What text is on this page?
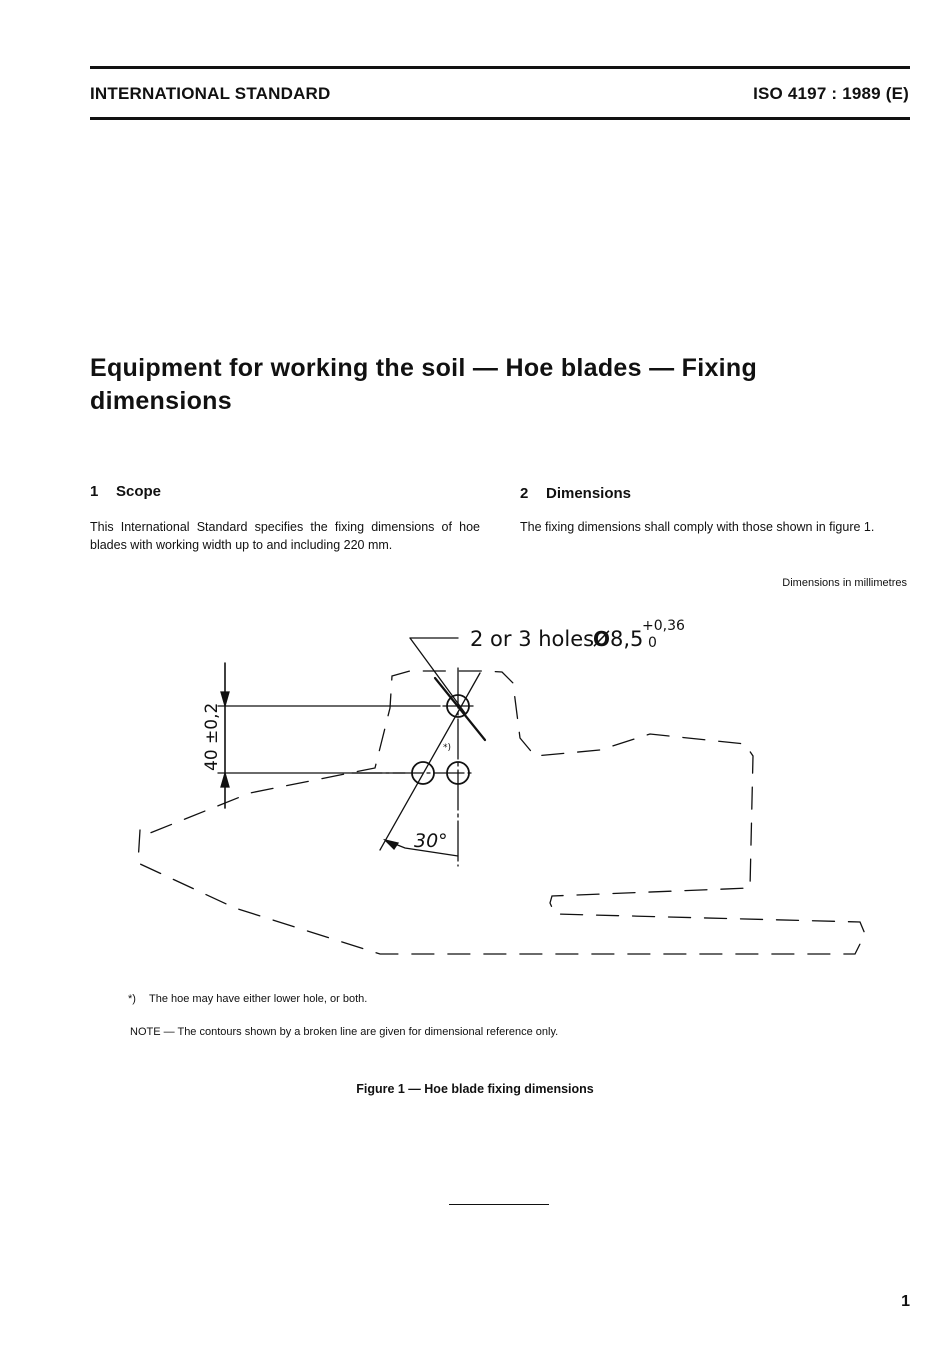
INTERNATIONAL STANDARD	ISO 4197 : 1989 (E)
Equipment for working the soil — Hoe blades — Fixing dimensions
1 Scope
This International Standard specifies the fixing dimensions of hoe blades with working width up to and including 220 mm.
2 Dimensions
The fixing dimensions shall comply with those shown in figure 1.
Dimensions in millimetres
2 or 3 holes
Ø 8,5
+0,36
0
40 ±0,2
30°
*)
*) The hoe may have either lower hole, or both.
NOTE — The contours shown by a broken line are given for dimensional reference only.
Figure 1 — Hoe blade fixing dimensions
1
